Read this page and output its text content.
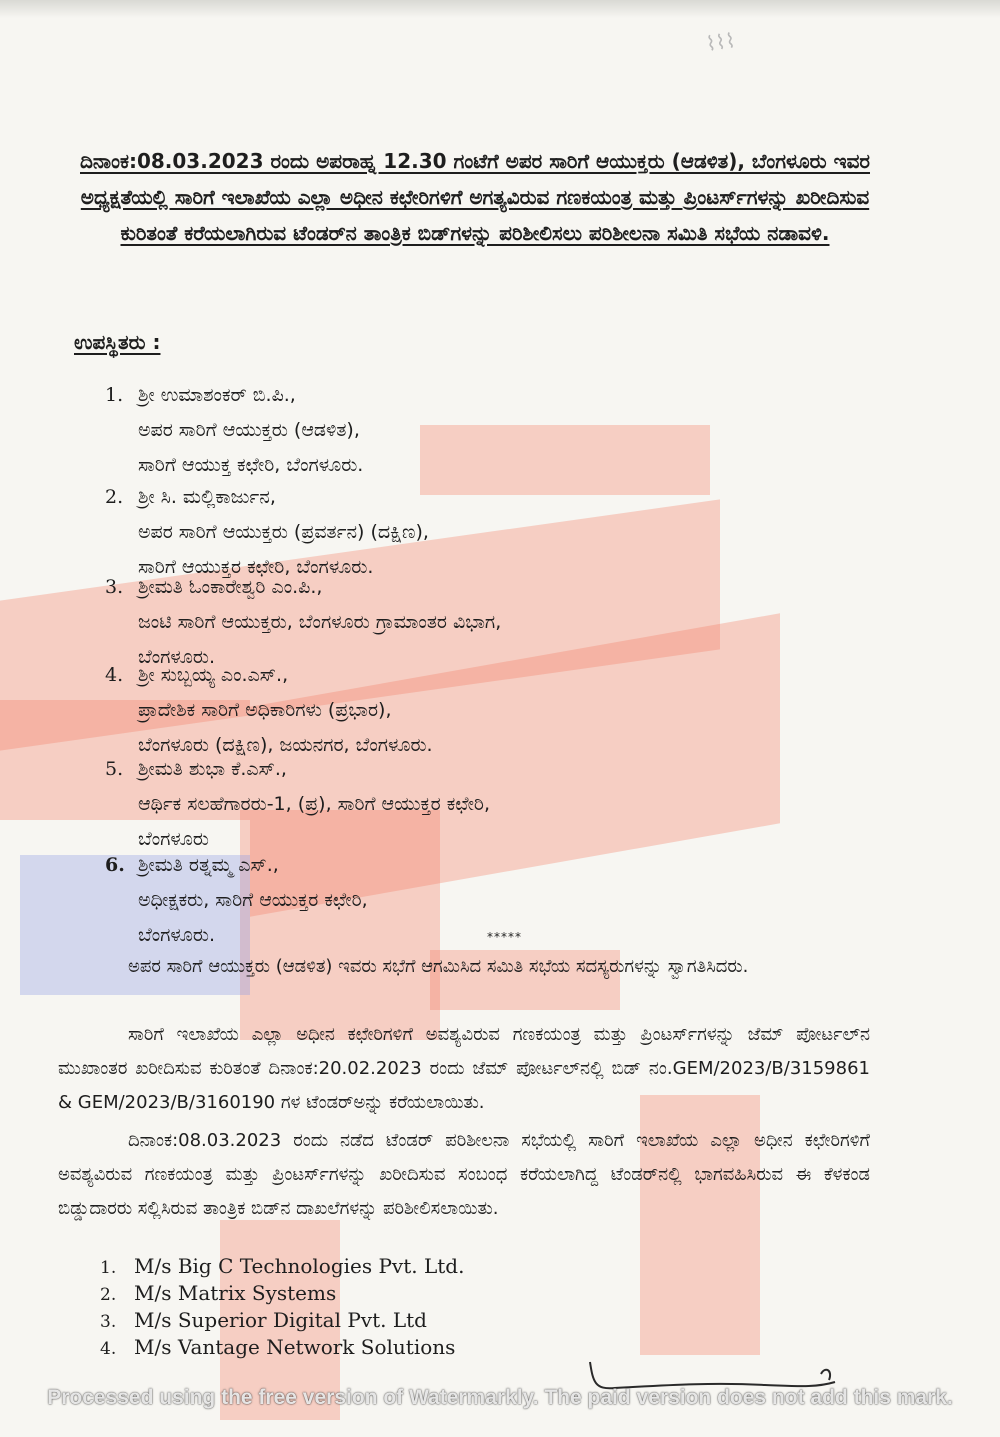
⌇⌇⌇
ದಿನಾಂಕ:08.03.2023 ರಂದು ಅಪರಾಹ್ನ 12.30 ಗಂಟೆಗೆ ಅಪರ ಸಾರಿಗೆ ಆಯುಕ್ತರು (ಆಡಳಿತ), ಬೆಂಗಳೂರು ಇವರ ಅಧ್ಯಕ್ಷತೆಯಲ್ಲಿ ಸಾರಿಗೆ ಇಲಾಖೆಯ ಎಲ್ಲಾ ಅಧೀನ ಕಛೇರಿಗಳಿಗೆ ಅಗತ್ಯವಿರುವ ಗಣಕಯಂತ್ರ ಮತ್ತು ಪ್ರಿಂಟರ್ಸ್‌ಗಳನ್ನು ಖರೀದಿಸುವ ಕುರಿತಂತೆ ಕರೆಯಲಾಗಿರುವ ಟೆಂಡರ್‌ನ ತಾಂತ್ರಿಕ ಬಿಡ್‌ಗಳನ್ನು ಪರಿಶೀಲಿಸಲು ಪರಿಶೀಲನಾ ಸಮಿತಿ ಸಭೆಯ ನಡಾವಳಿ.
ಉಪಸ್ಥಿತರು :
1. ಶ್ರೀ ಉಮಾಶಂಕರ್ ಬಿ.ಪಿ.,
ಅಪರ ಸಾರಿಗೆ ಆಯುಕ್ತರು (ಆಡಳಿತ),
ಸಾರಿಗೆ ಆಯುಕ್ತ ಕಛೇರಿ, ಬೆಂಗಳೂರು.
2. ಶ್ರೀ ಸಿ. ಮಲ್ಲಿಕಾರ್ಜುನ,
ಅಪರ ಸಾರಿಗೆ ಆಯುಕ್ತರು (ಪ್ರವರ್ತನ) (ದಕ್ಷಿಣ),
ಸಾರಿಗೆ ಆಯುಕ್ತರ ಕಛೇರಿ, ಬೆಂಗಳೂರು.
3. ಶ್ರೀಮತಿ ಓಂಕಾರೇಶ್ವರಿ ಎಂ.ಪಿ.,
ಜಂಟಿ ಸಾರಿಗೆ ಆಯುಕ್ತರು, ಬೆಂಗಳೂರು ಗ್ರಾಮಾಂತರ ವಿಭಾಗ,
ಬೆಂಗಳೂರು.
4. ಶ್ರೀ ಸುಬ್ಬಯ್ಯ ಎಂ.ಎಸ್.,
ಪ್ರಾದೇಶಿಕ ಸಾರಿಗೆ ಅಧಿಕಾರಿಗಳು (ಪ್ರಭಾರ),
ಬೆಂಗಳೂರು (ದಕ್ಷಿಣ), ಜಯನಗರ, ಬೆಂಗಳೂರು.
5. ಶ್ರೀಮತಿ ಶುಭಾ ಕೆ.ಎಸ್.,
ಆರ್ಥಿಕ ಸಲಹೆಗಾರರು-1, (ಪ್ರ), ಸಾರಿಗೆ ಆಯುಕ್ತರ ಕಛೇರಿ,
ಬೆಂಗಳೂರು
6. ಶ್ರೀಮತಿ ರತ್ನಮ್ಮ ಎಸ್.,
ಅಧೀಕ್ಷಕರು, ಸಾರಿಗೆ ಆಯುಕ್ತರ ಕಛೇರಿ,
ಬೆಂಗಳೂರು.	*****
ಅಪರ ಸಾರಿಗೆ ಆಯುಕ್ತರು (ಆಡಳಿತ) ಇವರು ಸಭೆಗೆ ಆಗಮಿಸಿದ ಸಮಿತಿ ಸಭೆಯ ಸದಸ್ಯರುಗಳನ್ನು ಸ್ವಾಗತಿಸಿದರು.
ಸಾರಿಗೆ ಇಲಾಖೆಯ ಎಲ್ಲಾ ಅಧೀನ ಕಛೇರಿಗಳಿಗೆ ಅವಶ್ಯವಿರುವ ಗಣಕಯಂತ್ರ ಮತ್ತು ಪ್ರಿಂಟರ್ಸ್‌ಗಳನ್ನು ಜೆಮ್ ಪೋರ್ಟಲ್‌ನ ಮುಖಾಂತರ ಖರೀದಿಸುವ ಕುರಿತಂತೆ ದಿನಾಂಕ:20.02.2023 ರಂದು ಜೆಮ್ ಪೋರ್ಟಲ್‌ನಲ್ಲಿ ಬಿಡ್ ನಂ.GEM/2023/B/3159861 & GEM/2023/B/3160190 ಗಳ ಟೆಂಡರ್‌ಅನ್ನು ಕರೆಯಲಾಯಿತು.
ದಿನಾಂಕ:08.03.2023 ರಂದು ನಡೆದ ಟೆಂಡರ್ ಪರಿಶೀಲನಾ ಸಭೆಯಲ್ಲಿ ಸಾರಿಗೆ ಇಲಾಖೆಯ ಎಲ್ಲಾ ಅಧೀನ ಕಛೇರಿಗಳಿಗೆ ಅವಶ್ಯವಿರುವ ಗಣಕಯಂತ್ರ ಮತ್ತು ಪ್ರಿಂಟರ್ಸ್‌ಗಳನ್ನು ಖರೀದಿಸುವ ಸಂಬಂಧ ಕರೆಯಲಾಗಿದ್ದ ಟೆಂಡರ್‌ನಲ್ಲಿ ಭಾಗವಹಿಸಿರುವ ಈ ಕೆಳಕಂಡ ಬಿಡ್ಡುದಾರರು ಸಲ್ಲಿಸಿರುವ ತಾಂತ್ರಿಕ ಬಿಡ್‌ನ ದಾಖಲೆಗಳನ್ನು ಪರಿಶೀಲಿಸಲಾಯಿತು.
1. M/s Big C Technologies Pvt. Ltd.
2. M/s Matrix Systems
3. M/s Superior Digital Pvt. Ltd
4. M/s Vantage Network Solutions
Processed using the free version of Watermarkly. The paid version does not add this mark.
